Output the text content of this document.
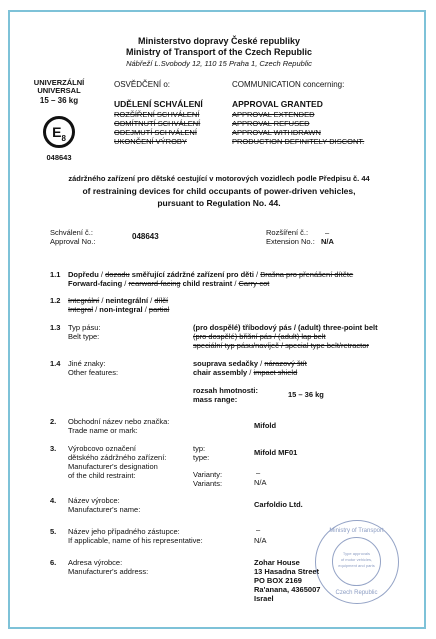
Ministerstvo dopravy České republiky
Ministry of Transport of the Czech Republic
Nábřeží L.Svobody 12, 110 15 Praha 1, Czech Republic
UNIVERZÁLNÍ
UNIVERSAL
15 – 36 kg
$E_8$
048643
OSVĚDČENÍ o:	COMMUNICATION concerning:
UDĚLENÍ SCHVÁLENÍ
ROZŠÍŘENÍ SCHVÁLENÍ
ODMÍTNUTÍ SCHVÁLENÍ
ODEJMUTÍ SCHVÁLENÍ
UKONČENÍ VÝROBY
APPROVAL GRANTED
APPROVAL EXTENDED
APPROVAL REFUSED
APPROVAL WITHDRAWN
PRODUCTION DEFINITELY DISCONT.
zádržného zařízení pro dětské cestující v motorových vozidlech podle Předpisu č. 44
of restraining devices for child occupants of power-driven vehicles,
pursuant to Regulation No. 44.
Schválení č.:
Approval No.:
048643	Rozšíření č.:
Extension No.:
–
N/A
1.1 Dopředu / dozadu směřující zádržné zařízení pro děti / Brašna pro přenášení dítěte
Forward-facing / rearward-facing child restraint / Carry-cot
1.2 Integrální / neintegrální / dílčí
Integral / non-integral / partial
1.3 Typ pásu:
Belt type:
(pro dospělé) tříbodový pás / (adult) three-point belt
(pro dospělé) břišní pás / (adult) lap belt
speciální typ pásu/navíječ / special type belt/retractor
1.4 Jiné znaky:
Other features:
souprava sedačky / nárazový štít
chair assembly / impact shield
rozsah hmotnosti:
mass range:
15 – 36 kg
2. Obchodní název nebo značka:
Trade name or mark:
Mifold
3. Výrobcovo označení
dětského zádržného zařízení:
Manufacturer's designation
of the child restraint:
typ:
type:
Mifold MF01
Varianty:
Variants:
–
N/A
4. Název výrobce:
Manufacturer's name:
Carfoldio Ltd.
5. Název jeho případného zástupce:
If applicable, name of his representative:
–
N/A
6. Adresa výrobce:
Manufacturer's address:
Zohar House
13 Hasadna Street
PO BOX 2169
Ra'anana, 4365007
Israel
Ministry of Transport
Type approvals
of motor vehicles,
equipment and parts
Czech Republic
